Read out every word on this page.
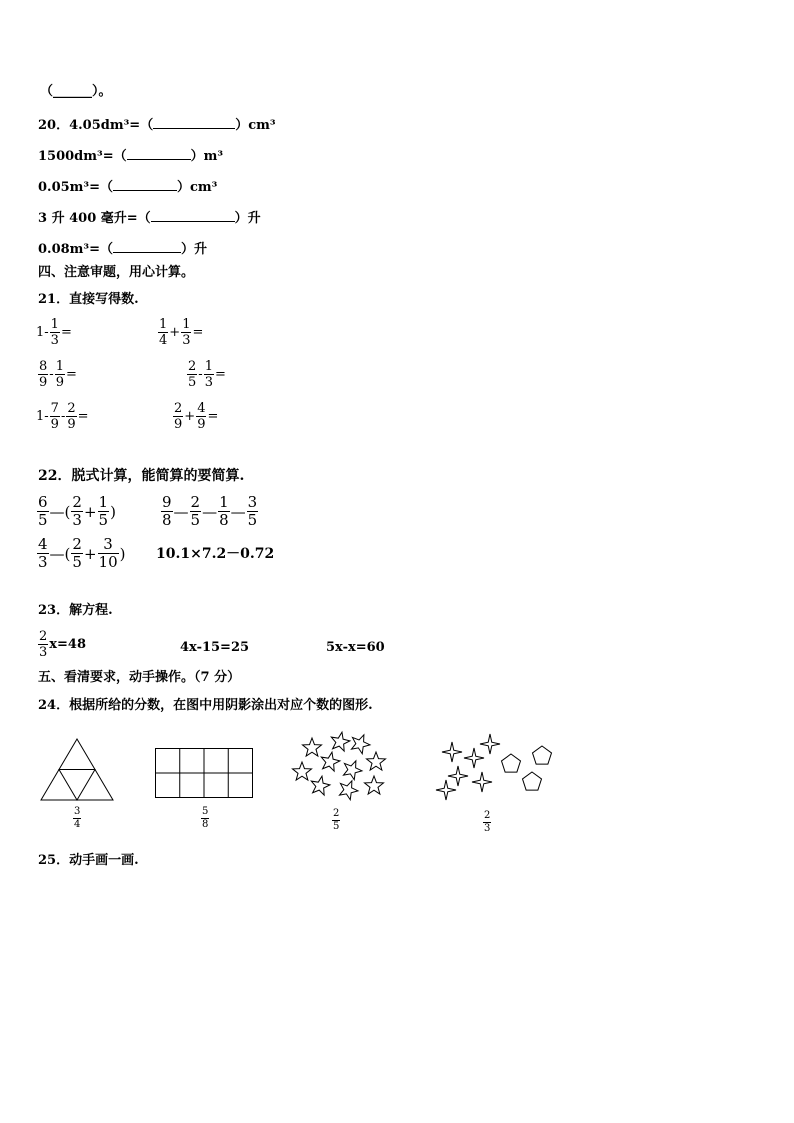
（______）。
20．4.05dm³=（	）cm³
1500dm³=（	）m³
0.05m³=（	）cm³
3 升 400 毫升=（	）升
0.08m³=（	）升
四、注意审题，用心计算。
21．直接写得数.
$1- \frac{1}{3}$ =	$\frac{1}{4} + \frac{1}{3}$ =
$\frac{8}{9} - \frac{1}{9}$ =	$\frac{2}{5} - \frac{1}{3}$ =
$1- \frac{7}{9} - \frac{2}{9}$ =	$\frac{2}{9} + \frac{4}{9}$ =
22．脱式计算，能简算的要简算.
$\frac{6}{5}$ —( $\frac{2}{3} + \frac{1}{5}$ )	$\frac{9}{8}$ — $\frac{2}{5}$ — $\frac{1}{8}$ — $\frac{3}{5}$
$\frac{4}{3}$ —( $\frac{2}{5} + \frac{3}{10}$ ) 10.1×7.2－0.72
23．解方程.
$\frac{2}{3} x=48$	4x-15=25	5x-x=60
五、看清要求，动手操作。（7 分）
24．根据所给的分数，在图中用阴影涂出对应个数的图形.
$\frac{3}{4}$	$\frac{5}{8}$	$\frac{2}{5}$	$\frac{2}{3}$
25．动手画一画.
